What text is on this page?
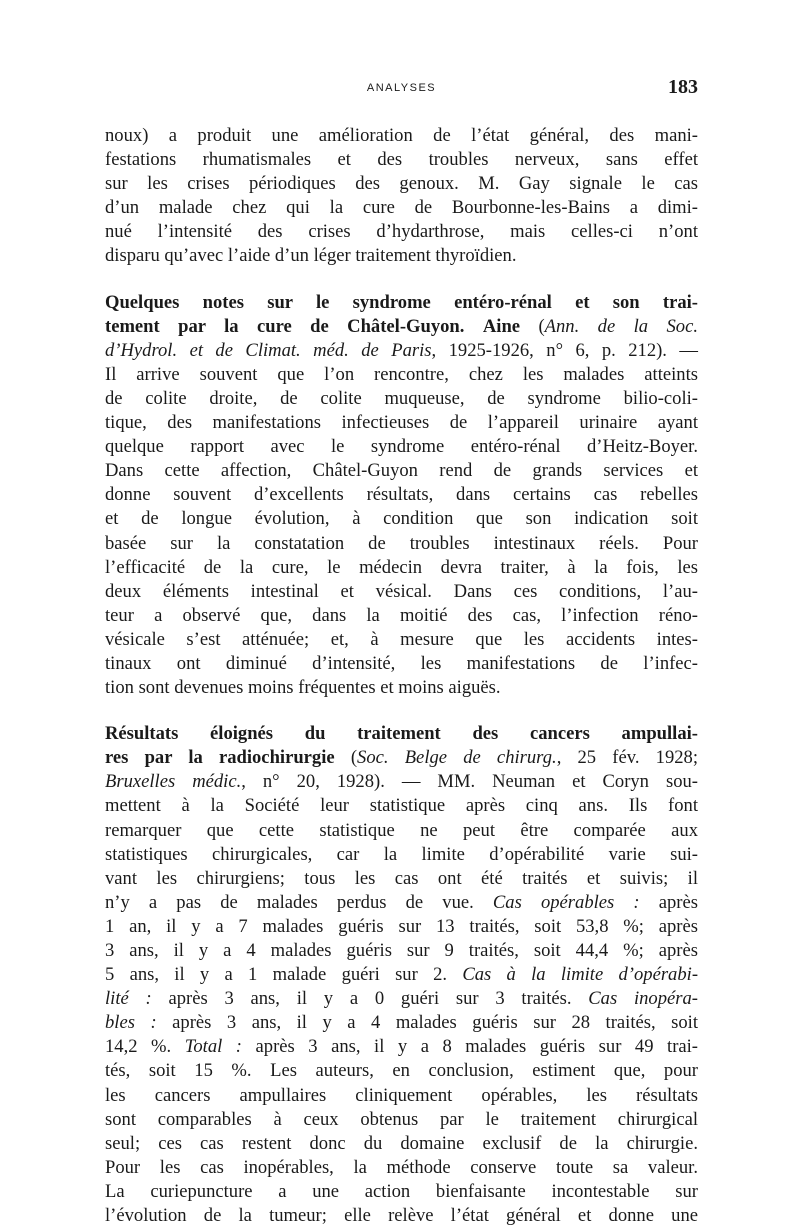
ANALYSES	183
noux) a produit une amélioration de l’état général, des mani-
festations rhumatismales et des troubles nerveux, sans effet
sur les crises périodiques des genoux. M. Gay signale le cas
d’un malade chez qui la cure de Bourbonne-les-Bains a dimi-
nué l’intensité des crises d’hydarthrose, mais celles-ci n’ont
disparu qu’avec l’aide d’un léger traitement thyroïdien.
Quelques notes sur le syndrome entéro-rénal et son trai-
tement par la cure de Châtel-Guyon. Aine (Ann. de la Soc.
d’Hydrol. et de Climat. méd. de Paris, 1925-1926, n° 6, p. 212). —
Il arrive souvent que l’on rencontre, chez les malades atteints
de colite droite, de colite muqueuse, de syndrome bilio-coli-
tique, des manifestations infectieuses de l’appareil urinaire ayant
quelque rapport avec le syndrome entéro-rénal d’Heitz-Boyer.
Dans cette affection, Châtel-Guyon rend de grands services et
donne souvent d’excellents résultats, dans certains cas rebelles
et de longue évolution, à condition que son indication soit
basée sur la constatation de troubles intestinaux réels. Pour
l’efficacité de la cure, le médecin devra traiter, à la fois, les
deux éléments intestinal et vésical. Dans ces conditions, l’au-
teur a observé que, dans la moitié des cas, l’infection réno-
vésicale s’est atténuée; et, à mesure que les accidents intes-
tinaux ont diminué d’intensité, les manifestations de l’infec-
tion sont devenues moins fréquentes et moins aiguës.
Résultats éloignés du traitement des cancers ampullai-
res par la radiochirurgie (Soc. Belge de chirurg., 25 fév. 1928;
Bruxelles médic., n° 20, 1928). — MM. Neuman et Coryn sou-
mettent à la Société leur statistique après cinq ans. Ils font
remarquer que cette statistique ne peut être comparée aux
statistiques chirurgicales, car la limite d’opérabilité varie sui-
vant les chirurgiens; tous les cas ont été traités et suivis; il
n’y a pas de malades perdus de vue. Cas opérables : après
1 an, il y a 7 malades guéris sur 13 traités, soit 53,8 %; après
3 ans, il y a 4 malades guéris sur 9 traités, soit 44,4 %; après
5 ans, il y a 1 malade guéri sur 2. Cas à la limite d’opérabi-
lité : après 3 ans, il y a 0 guéri sur 3 traités. Cas inopéra-
bles : après 3 ans, il y a 4 malades guéris sur 28 traités, soit
14,2 %. Total : après 3 ans, il y a 8 malades guéris sur 49 trai-
tés, soit 15 %. Les auteurs, en conclusion, estiment que, pour
les cancers ampullaires cliniquement opérables, les résultats
sont comparables à ceux obtenus par le traitement chirurgical
seul; ces cas restent donc du domaine exclusif de la chirurgie.
Pour les cas inopérables, la méthode conserve toute sa valeur.
La curiepuncture a une action bienfaisante incontestable sur
l’évolution de la tumeur; elle relève l’état général et donne une
